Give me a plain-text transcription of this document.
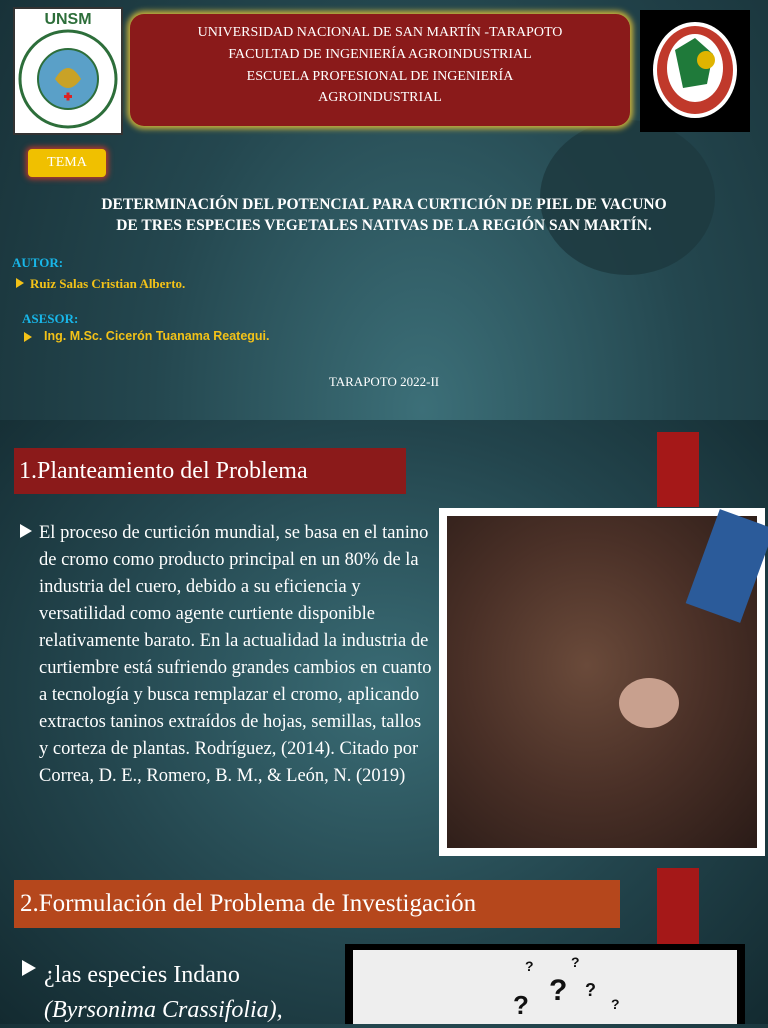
UNSM
UNIVERSIDAD NACIONAL DE SAN MARTÍN -TARAPOTO
FACULTAD DE INGENIERÍA AGROINDUSTRIAL
ESCUELA PROFESIONAL DE INGENIERÍA
AGROINDUSTRIAL
TEMA
DETERMINACIÓN DEL POTENCIAL PARA CURTICIÓN DE PIEL DE VACUNO
DE TRES ESPECIES VEGETALES NATIVAS DE LA REGIÓN SAN MARTÍN.
AUTOR:
Ruiz Salas Cristian Alberto.
ASESOR:
Ing. M.Sc. Cicerón Tuanama Reategui.
TARAPOTO 2022-II
1.Planteamiento del Problema
El proceso de curtición mundial, se basa en el tanino de cromo como producto principal en un 80% de la industria del cuero, debido a su eficiencia y versatilidad como agente curtiente disponible relativamente barato. En la actualidad la industria de curtiembre está sufriendo grandes cambios en cuanto a tecnología y busca remplazar el cromo, aplicando extractos taninos extraídos de hojas, semillas, tallos y corteza de plantas. Rodríguez, (2014). Citado por Correa, D. E., Romero, B. M., & León, N. (2019)
2.Formulación del Problema de Investigación
¿las especies Indano
(Byrsonima Crassifolia),
?
?
?	?
?
?
